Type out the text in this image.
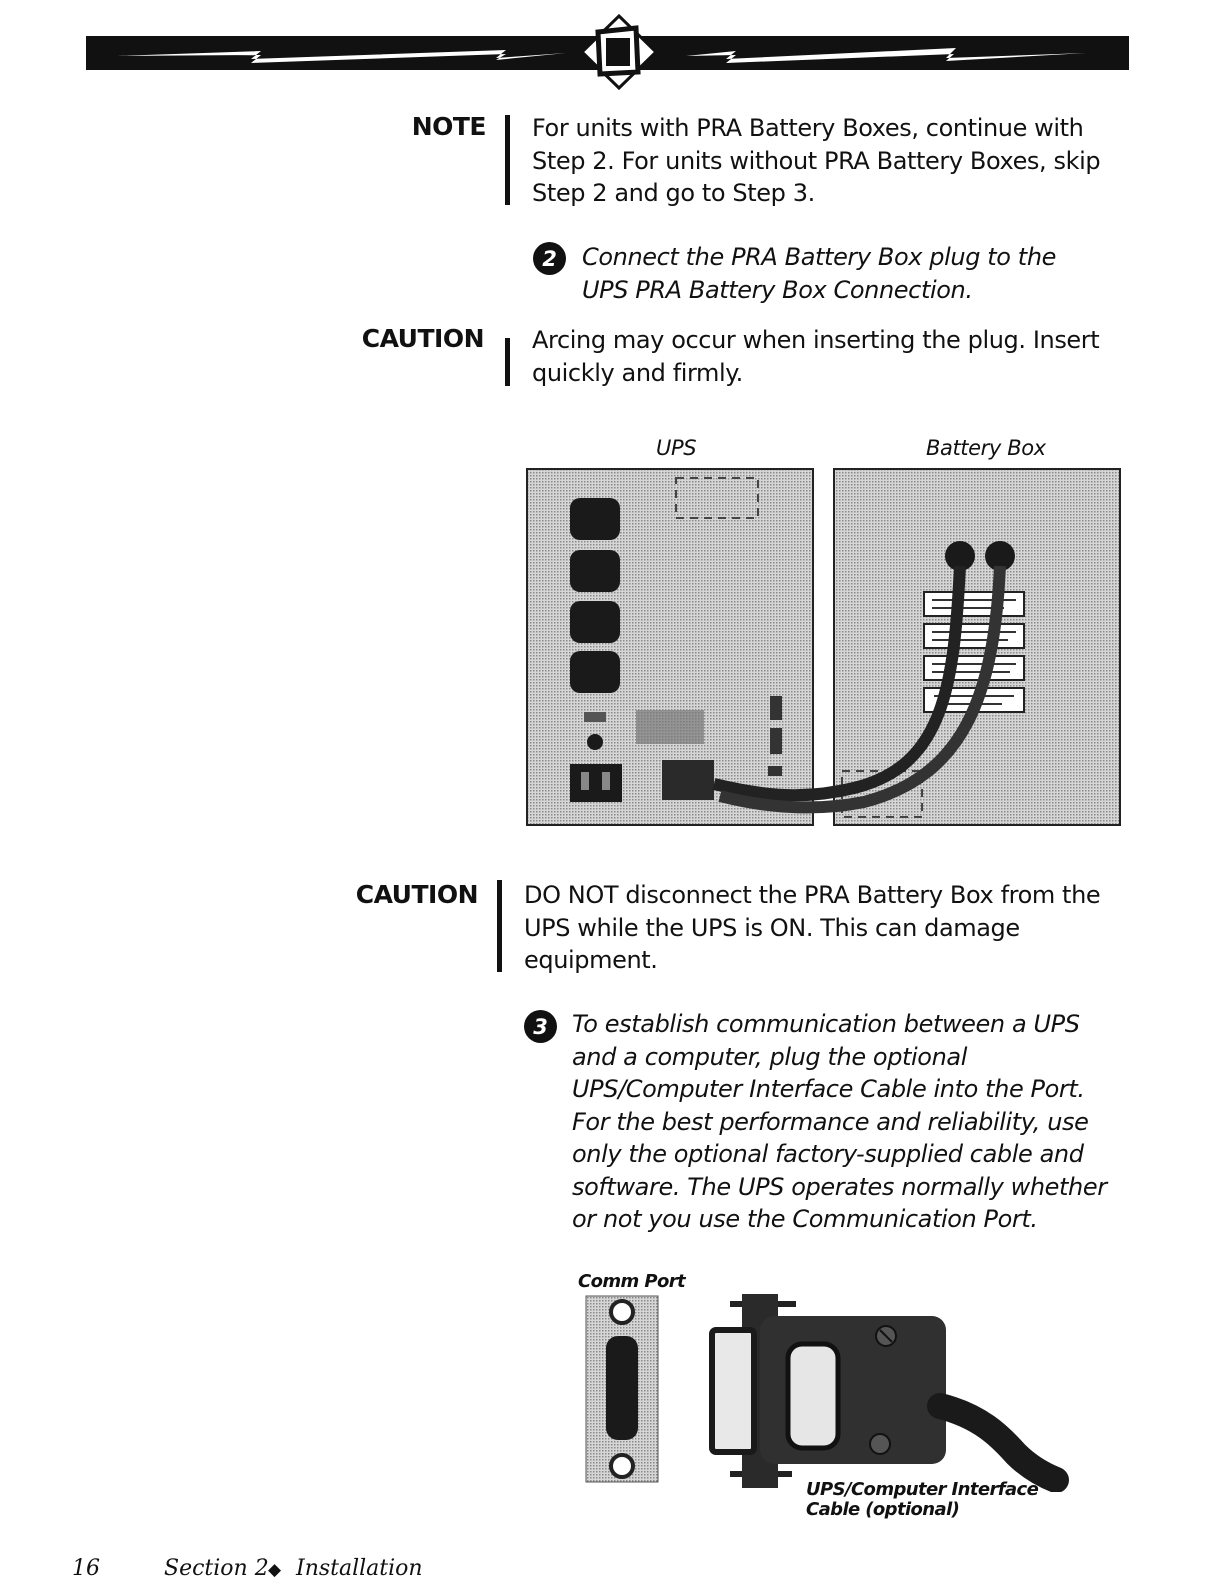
NOTE For units with PRA Battery Boxes, continue with Step 2. For units without PRA Battery Boxes, skip Step 2 and go to Step 3.
2	Connect the PRA Battery Box plug to the UPS PRA Battery Box Connection.
CAUTION Arcing may occur when inserting the plug. Insert quickly and firmly.
UPS	Battery Box
CAUTION DO NOT disconnect the PRA Battery Box from the UPS while the UPS is ON. This can damage equipment.
3	To establish communication between a UPS and a computer, plug the optional UPS/Computer Interface Cable into the Port. For the best performance and reliability, use only the optional factory-supplied cable and software. The UPS operates normally whether or not you use the Communication Port.
Comm Port
UPS/Computer Interface
Cable (optional)
16	Section 2 ◆ Installation
